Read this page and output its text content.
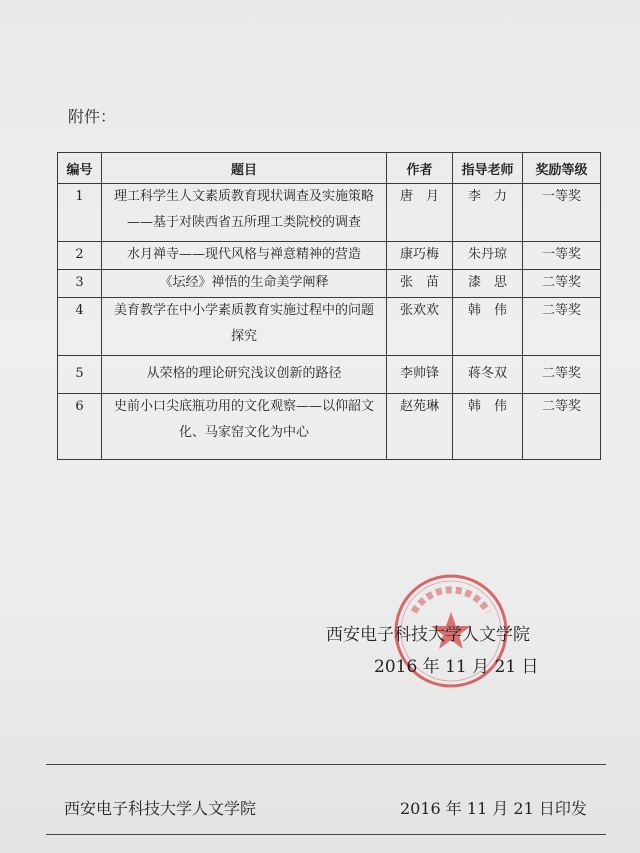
附件：
编号	题目	作者	指导老师	奖励等级

1	理工科学生人文素质教育现状调查及实施策略
——基于对陕西省五所理工类院校的调查	唐　月	李　力	一等奖

2	水月禅寺——现代风格与禅意精神的营造	康巧梅	朱丹琼	一等奖

3	《坛经》禅悟的生命美学阐释	张　苗	漆　思	二等奖

4	美育教学在中小学素质教育实施过程中的问题
探究	张欢欢	韩　伟	二等奖

5	从荣格的理论研究浅议创新的路径	李帅锋	蒋冬双	二等奖

6	史前小口尖底瓶功用的文化观察——以仰韶文
化、马家窑文化为中心	赵苑琳	韩　伟	二等奖
西安电子科技大学人文学院
2016 年 11 月 21 日
西安电子科技大学人文学院	2016 年 11 月 21 日印发
